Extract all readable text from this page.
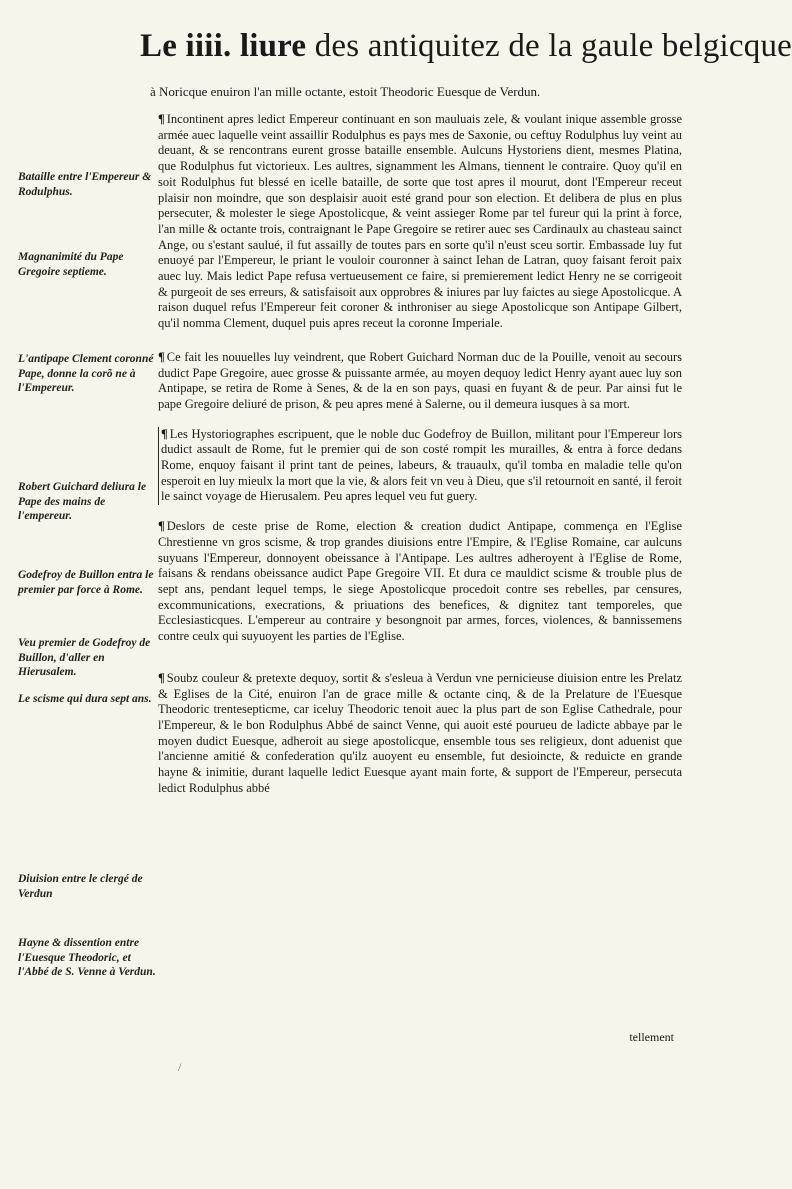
Le iiii. liure des antiquitez de la gaule belgicque
à Noricque enuiron l'an mille octante, estoit Theodoric Euesque de Verdun.

¶ Incontinent apres ledict Empereur continuant en son mauluais zele, & voulant inique assemble grosse armée auec laquelle veint assaillir Rodulphus es pays mes de Saxonie, ou ceftuy Rodulphus luy veint au deuant, & se rencontrans eurent grosse bataille ensemble. Aulcuns Hystoriens dient, mesmes Platina, que Rodulphus fut victorieux. Les aultres, signamment les Almans, tiennent le contraire. Quoy qu'il en soit Rodulphus fut blessé en icelle bataille, de sorte que tost apres il mourut, dont l'Empereur receut plaisir non moindre, que son desplaisir auoit esté grand pour son election. Et delibera de plus en plus persecuter, & molester le siege Apostolicque, & veint assieger Rome par tel fureur qui la print à force, l'an mille & octante trois, contraignant le Pape Gregoire se retirer auec ses Cardinaulx au chasteau sainct Ange, ou s'estant saulué, il fut assailly de toutes pars en sorte qu'il n'eust sceu sortir. Embassade luy fut enuoyé par l'Empereur, le priant le vouloir couronner à sainct Iehan de Latran, quoy faisant feroit paix auec luy. Mais ledict Pape refusa vertueusement ce faire, si premierement ledict Henry ne se corrigeoit & purgeoit de ses erreurs, & satisfaisoit aux opprobres & iniures par luy faictes au siege Apostolicque. A raison duquel refus l'Empereur feit coroner & inthroniser au siege Apostolicque son Antipape Gilbert, qu'il nomma Clement, duquel puis apres receut la coronne Imperiale.

¶ Ce fait les nouuelles luy veindrent, que Robert Guichard Norman duc de la Pouille, venoit au secours dudict Pape Gregoire, auec grosse & puissante armée, au moyen dequoy ledict Henry ayant auec luy son Antipape, se retira de Rome à Senes, & de la en son pays, quasi en fuyant & de peur. Par ainsi fut le pape Gregoire deliuré de prison, & peu apres mené à Salerne, ou il demeura iusques à sa mort.

¶ Les Hystoriographes escripuent, que le noble duc Godefroy de Buillon, militant pour l'Empereur lors dudict assault de Rome, fut le premier qui de son costé rompit les murailles, & entra à force dedans Rome, enquoy faisant il print tant de peines, labeurs, & trauaulx, qu'il tomba en maladie telle qu'on esperoit en luy mieulx la mort que la vie, & alors feit vn veu à Dieu, que s'il retournoit en santé, il feroit le sainct voyage de Hierusalem. Peu apres lequel veu fut guery.

¶ Deslors de ceste prise de Rome, election & creation dudict Antipape, commença en l'Eglise Chrestienne vn gros scisme, & trop grandes diuisions entre l'Empire, & l'Eglise Romaine, car aulcuns suyuans l'Empereur, donnoyent obeissance à l'Antipape. Les aultres adheroyent à l'Eglise de Rome, faisans & rendans obeissance audict Pape Gregoire VII. Et dura ce mauldict scisme & trouble plus de sept ans, pendant lequel temps, le siege Apostolicque procedoit contre ses rebelles, par censures, excommunications, execrations, & priuations des benefices, & dignitez tant temporeles, que Ecclesiasticques. L'empereur au contraire y besongnoit par armes, forces, violences, & bannissemens contre ceulx qui suyuoyent les parties de l'Eglise.

¶ Soubz couleur & pretexte dequoy, sortit & s'esleua à Verdun vne pernicieuse diuision entre les Prelatz & Eglises de la Cité, enuiron l'an de grace mille & octante cinq, & de la Prelature de l'Euesque Theodoric trentesepticme, car iceluy Theodoric tenoit auec la plus part de son Eglise Cathedrale, pour l'Empereur, & le bon Rodulphus Abbé de sainct Venne, qui auoit esté pourueu de ladicte abbaye par le moyen dudict Euesque, adheroit au siege apostolicque, ensemble tous ses religieux, dont aduenist que l'ancienne amitié & confederation qu'ilz auoyent eu ensemble, fut desioincte, & reduicte en grande hayne & inimitie, durant laquelle ledict Euesque ayant main forte, & support de l'Empereur, persecuta ledict Rodulphus abbé

Bataille entre l'Empereur & Rodulphus.
Magnanimité du Pape Gregoire septieme.
L'antipape Clement coronné Pape, donne la corõ ne à l'Empereur.
Robert Guichard deliura le Pape des mains de l'empereur.
Godefroy de Buillon entra le premier par force à Rome.
Veu premier de Godefroy de Buillon, d'aller en Hierusalem.
Le scisme qui dura sept ans.
Diuision entre le clergé de Verdun
Hayne & dissention entre l'Euesque Theodoric, et l'Abbé de S. Venne à Verdun.
tellement
/
